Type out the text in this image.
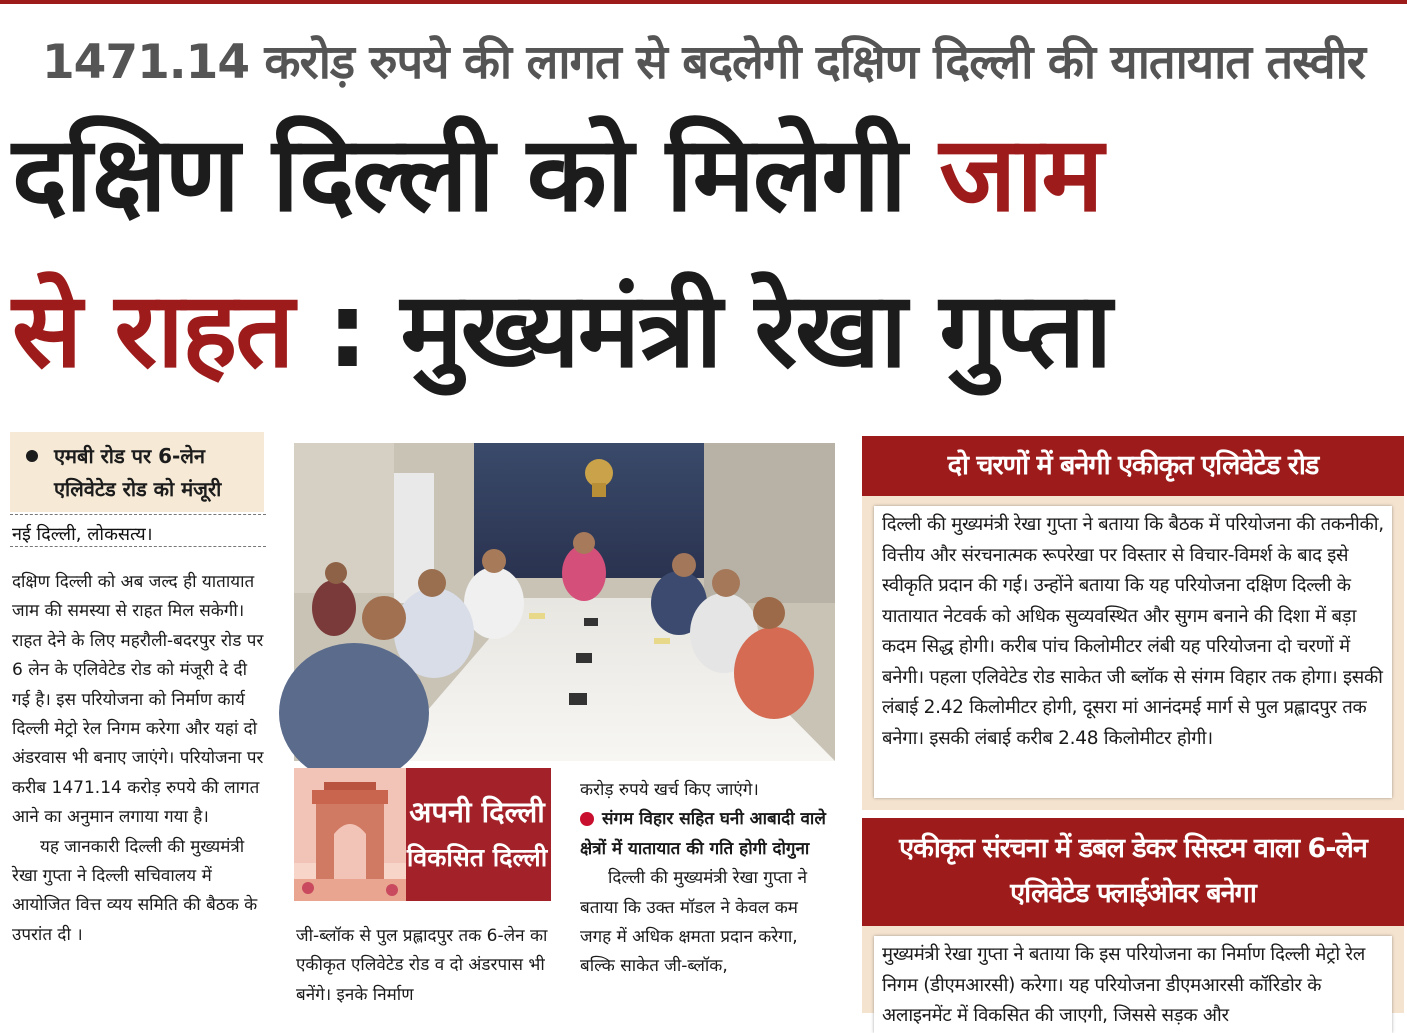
1471.14 करोड़ रुपये की लागत से बदलेगी दक्षिण दिल्ली की यातायात तस्वीर
दक्षिण दिल्ली को मिलेगी जाम
से राहत : मुख्यमंत्री रेखा गुप्ता
एमबी रोड पर 6-लेन एलिवेटेड रोड को मंजूरी
नई दिल्ली, लोकसत्य।

दक्षिण दिल्ली को अब जल्द ही यातायात जाम की समस्या से राहत मिल सकेगी। राहत देने के लिए महरौली-बदरपुर रोड पर 6 लेन के एलिवेटेड रोड को मंजूरी दे दी गई है। इस परियोजना को निर्माण कार्य दिल्ली मेट्रो रेल निगम करेगा और यहां दो अंडरवास भी बनाए जाएंगे। परियोजना पर करीब 1471.14 करोड़ रुपये की लागत आने का अनुमान लगाया गया है।

यह जानकारी दिल्ली की मुख्यमंत्री रेखा गुप्ता ने दिल्ली सचिवालय में आयोजित वित्त व्यय समिति की बैठक के उपरांत दी ।

अपनी दिल्ली
विकसित दिल्ली
जी-ब्लॉक से पुल प्रह्लादपुर तक 6-लेन का एकीकृत एलिवेटेड रोड व दो अंडरपास भी बनेंगे। इनके निर्माण

करोड़ रुपये खर्च किए जाएंगे।

संगम विहार सहित घनी आबादी वाले क्षेत्रों में यातायात की गति होगी दोगुना

दिल्ली की मुख्यमंत्री रेखा गुप्ता ने बताया कि उक्त मॉडल ने केवल कम जगह में अधिक क्षमता प्रदान करेगा, बल्कि साकेत जी-ब्लॉक,

दो चरणों में बनेगी एकीकृत एलिवेटेड रोड
दिल्ली की मुख्यमंत्री रेखा गुप्ता ने बताया कि बैठक में परियोजना की तकनीकी, वित्तीय और संरचनात्मक रूपरेखा पर विस्तार से विचार-विमर्श के बाद इसे स्वीकृति प्रदान की गई। उन्होंने बताया कि यह परियोजना दक्षिण दिल्ली के यातायात नेटवर्क को अधिक सुव्यवस्थित और सुगम बनाने की दिशा में बड़ा कदम सिद्ध होगी। करीब पांच किलोमीटर लंबी यह परियोजना दो चरणों में बनेगी। पहला एलिवेटेड रोड साकेत जी ब्लॉक से संगम विहार तक होगा। इसकी लंबाई 2.42 किलोमीटर होगी, दूसरा मां आनंदमई मार्ग से पुल प्रह्लादपुर तक बनेगा। इसकी लंबाई करीब 2.48 किलोमीटर होगी।
एकीकृत संरचना में डबल डेकर सिस्टम वाला 6-लेन एलिवेटेड फ्लाईओवर बनेगा
मुख्यमंत्री रेखा गुप्ता ने बताया कि इस परियोजना का निर्माण दिल्ली मेट्रो रेल निगम (डीएमआरसी) करेगा। यह परियोजना डीएमआरसी कॉरिडोर के अलाइनमेंट में विकसित की जाएगी, जिससे सड़क और
